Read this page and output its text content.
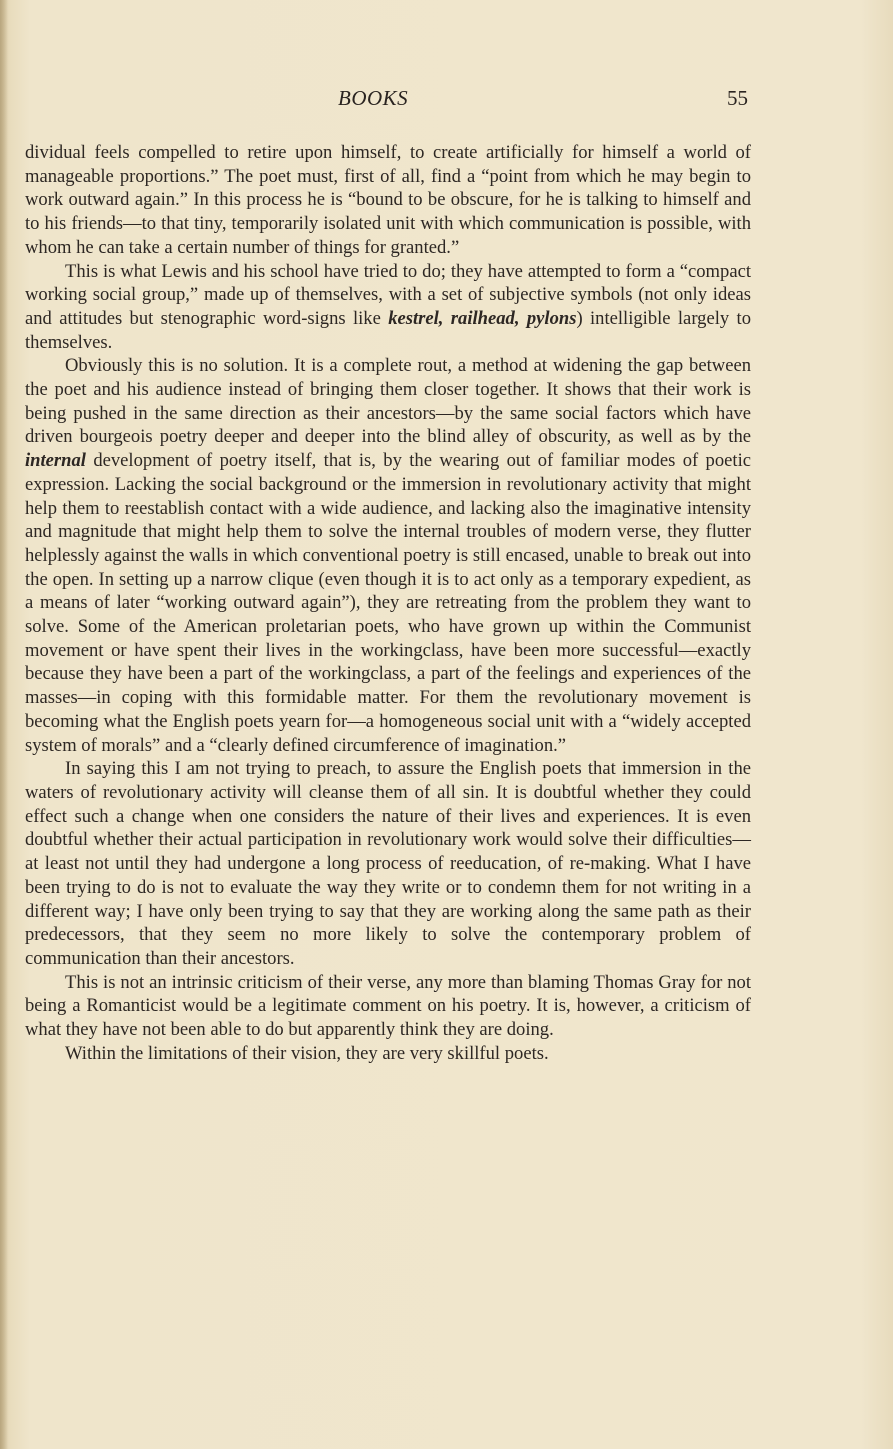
BOOKS	55

dividual feels compelled to retire upon himself, to create artificially for himself a world of manageable proportions.” The poet must, first of all, find a “point from which he may begin to work outward again.” In this process he is “bound to be obscure, for he is talking to himself and to his friends—to that tiny, temporarily isolated unit with which communication is possible, with whom he can take a certain number of things for granted.”

This is what Lewis and his school have tried to do; they have attempted to form a “compact working social group,” made up of themselves, with a set of subjective symbols (not only ideas and attitudes but stenographic word-signs like kestrel, railhead, pylons) intelligible largely to themselves.

Obviously this is no solution. It is a complete rout, a method at widening the gap between the poet and his audience instead of bringing them closer together. It shows that their work is being pushed in the same direction as their ancestors—by the same social factors which have driven bourgeois poetry deeper and deeper into the blind alley of obscurity, as well as by the internal development of poetry itself, that is, by the wearing out of familiar modes of poetic expression. Lacking the social background or the immersion in revolutionary activity that might help them to reestablish contact with a wide audience, and lacking also the imaginative intensity and magnitude that might help them to solve the internal troubles of modern verse, they flutter helplessly against the walls in which conventional poetry is still encased, unable to break out into the open. In setting up a narrow clique (even though it is to act only as a temporary expedient, as a means of later “working outward again”), they are retreating from the problem they want to solve. Some of the American proletarian poets, who have grown up within the Communist movement or have spent their lives in the workingclass, have been more successful—exactly because they have been a part of the workingclass, a part of the feelings and experiences of the masses—in coping with this formidable matter. For them the revolutionary movement is becoming what the English poets yearn for—a homogeneous social unit with a “widely accepted system of morals” and a “clearly defined circumference of imagination.”

In saying this I am not trying to preach, to assure the English poets that immersion in the waters of revolutionary activity will cleanse them of all sin. It is doubtful whether they could effect such a change when one considers the nature of their lives and experiences. It is even doubtful whether their actual participation in revolutionary work would solve their difficulties—at least not until they had undergone a long process of reeducation, of re-making. What I have been trying to do is not to evaluate the way they write or to condemn them for not writing in a different way; I have only been trying to say that they are working along the same path as their predecessors, that they seem no more likely to solve the contemporary problem of communication than their ancestors.

This is not an intrinsic criticism of their verse, any more than blaming Thomas Gray for not being a Romanticist would be a legitimate comment on his poetry. It is, however, a criticism of what they have not been able to do but apparently think they are doing.

Within the limitations of their vision, they are very skillful poets.
